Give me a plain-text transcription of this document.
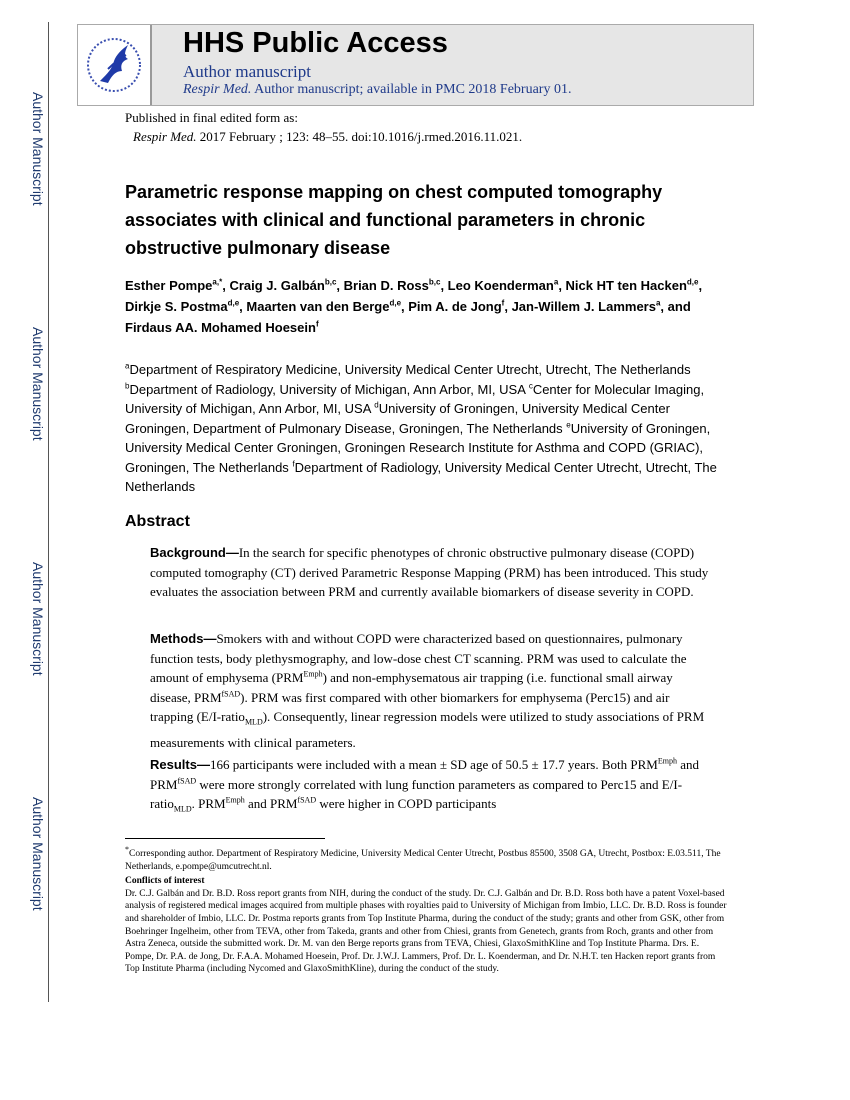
Author Manuscript
Author Manuscript
Author Manuscript
Author Manuscript
HHS Public Access
Author manuscript
Respir Med. Author manuscript; available in PMC 2018 February 01.
Published in final edited form as:
Respir Med. 2017 February ; 123: 48–55. doi:10.1016/j.rmed.2016.11.021.
Parametric response mapping on chest computed tomography associates with clinical and functional parameters in chronic obstructive pulmonary disease
Esther Pompe$^{a,*}$, Craig J. Galbán$^{b,c}$, Brian D. Ross$^{b,c}$, Leo Koenderman$^a$, Nick HT ten Hacken$^{d,e}$, Dirkje S. Postma$^{d,e}$, Maarten van den Berge$^{d,e}$, Pim A. de Jong$^f$, Jan-Willem J. Lammers$^a$, and Firdaus AA. Mohamed Hoesein$^f$
$^a$Department of Respiratory Medicine, University Medical Center Utrecht, Utrecht, The Netherlands $^b$Department of Radiology, University of Michigan, Ann Arbor, MI, USA $^c$Center for Molecular Imaging, University of Michigan, Ann Arbor, MI, USA $^d$University of Groningen, University Medical Center Groningen, Department of Pulmonary Disease, Groningen, The Netherlands $^e$University of Groningen, University Medical Center Groningen, Groningen Research Institute for Asthma and COPD (GRIAC), Groningen, The Netherlands $^f$Department of Radiology, University Medical Center Utrecht, Utrecht, The Netherlands
Abstract
Background—In the search for specific phenotypes of chronic obstructive pulmonary disease (COPD) computed tomography (CT) derived Parametric Response Mapping (PRM) has been introduced. This study evaluates the association between PRM and currently available biomarkers of disease severity in COPD.
Methods—Smokers with and without COPD were characterized based on questionnaires, pulmonary function tests, body plethysmography, and low-dose chest CT scanning. PRM was used to calculate the amount of emphysema $(PRM^{Emph})$ and non-emphysematous air trapping (i.e. functional small airway disease, $PRM^{fSAD}$). PRM was first compared with other biomarkers for emphysema (Perc15) and air trapping (E/I-ratio$_{MLD}$). Consequently, linear regression models were utilized to study associations of PRM measurements with clinical parameters.
Results—166 participants were included with a mean ± SD age of 50.5 ± 17.7 years. Both $PRM^{Emph}$ and $PRM^{fSAD}$ were more strongly correlated with lung function parameters as compared to Perc15 and E/I-ratio$_{MLD}$. $PRM^{Emph}$ and $PRM^{fSAD}$ were higher in COPD participants

*Corresponding author. Department of Respiratory Medicine, University Medical Center Utrecht, Postbus 85500, 3508 GA, Utrecht, Postbox: E.03.511, The Netherlands, e.pompe@umcutrecht.nl.

Conflicts of interest

Dr. C.J. Galbán and Dr. B.D. Ross report grants from NIH, during the conduct of the study. Dr. C.J. Galbán and Dr. B.D. Ross both have a patent Voxel-based analysis of registered medical images acquired from multiple phases with royalties paid to University of Michigan from Imbio, LLC. Dr. B.D. Ross is founder and shareholder of Imbio, LLC. Dr. Postma reports grants from Top Institute Pharma, during the conduct of the study; grants and other from GSK, other from Boehringer Ingelheim, other from TEVA, other from Takeda, grants and other from Chiesi, grants from Genetech, grants from Roch, grants and other from Astra Zeneca, outside the submitted work. Dr. M. van den Berge reports grans from TEVA, Chiesi, GlaxoSmithKline and Top Institute Pharma. Drs. E. Pompe, Dr. P.A. de Jong, Dr. F.A.A. Mohamed Hoesein, Prof. Dr. J.W.J. Lammers, Prof. Dr. L. Koenderman, and Dr. N.H.T. ten Hacken report grants from Top Institute Pharma (including Nycomed and GlaxoSmithKline), during the conduct of the study.
